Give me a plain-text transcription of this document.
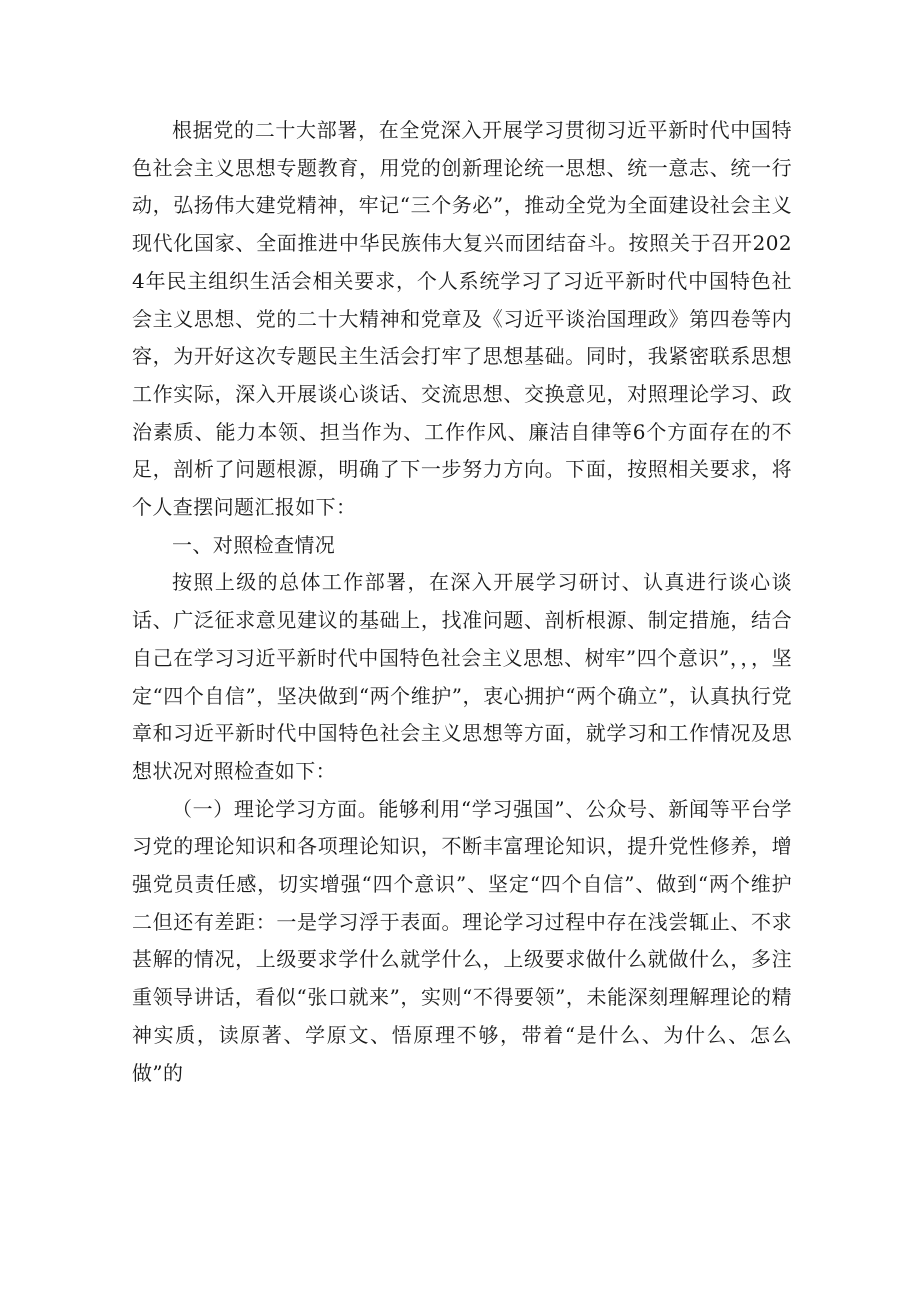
根据党的二十大部署，在全党深入开展学习贯彻习近平新时代中国特色社会主义思想专题教育，用党的创新理论统一思想、统一意志、统一行动，弘扬伟大建党精神，牢记“三个务必”，推动全党为全面建设社会主义现代化国家、全面推进中华民族伟大复兴而团结奋斗。按照关于召开2024年民主组织生活会相关要求，个人系统学习了习近平新时代中国特色社会主义思想、党的二十大精神和党章及《习近平谈治国理政》第四卷等内容，为开好这次专题民主生活会打牢了思想基础。同时，我紧密联系思想工作实际，深入开展谈心谈话、交流思想、交换意见，对照理论学习、政治素质、能力本领、担当作为、工作作风、廉洁自律等6个方面存在的不足，剖析了问题根源，明确了下一步努力方向。下面，按照相关要求，将个人查摆问题汇报如下：

一、对照检查情况

按照上级的总体工作部署，在深入开展学习研讨、认真进行谈心谈话、广泛征求意见建议的基础上，找准问题、剖析根源、制定措施，结合自己在学习习近平新时代中国特色社会主义思想、树牢”四个意识”，，，坚定“四个自信”，坚决做到“两个维护”，衷心拥护“两个确立”，认真执行党章和习近平新时代中国特色社会主义思想等方面，就学习和工作情况及思想状况对照检查如下：

（一）理论学习方面。能够利用“学习强国”、公众号、新闻等平台学习党的理论知识和各项理论知识，不断丰富理论知识，提升党性修养，增强党员责任感，切实增强“四个意识”、坚定“四个自信”、做到“两个维护二但还有差距：一是学习浮于表面。理论学习过程中存在浅尝辄止、不求甚解的情况，上级要求学什么就学什么，上级要求做什么就做什么，多注重领导讲话，看似“张口就来”，实则“不得要领”，未能深刻理解理论的精神实质，读原著、学原文、悟原理不够，带着“是什么、为什么、怎么做”的
